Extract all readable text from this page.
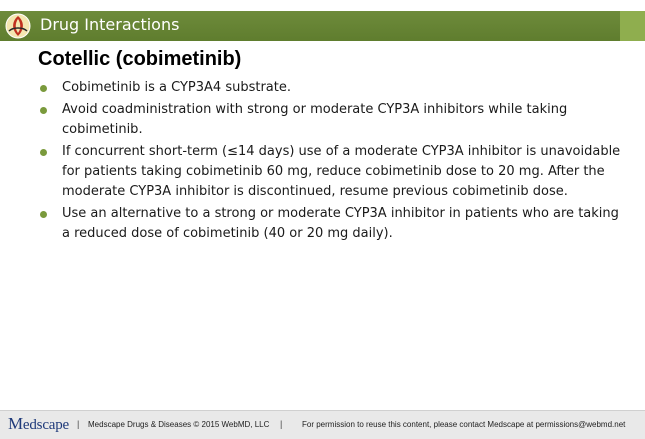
Drug Interactions
Cotellic (cobimetinib)
Cobimetinib is a CYP3A4 substrate.
Avoid coadministration with strong or moderate CYP3A inhibitors while taking cobimetinib.
If concurrent short-term (≤14 days) use of a moderate CYP3A inhibitor is unavoidable for patients taking cobimetinib 60 mg, reduce cobimetinib dose to 20 mg. After the moderate CYP3A inhibitor is discontinued, resume previous cobimetinib dose.
Use an alternative to a strong or moderate CYP3A inhibitor in patients who are taking a reduced dose of cobimetinib (40 or 20 mg daily).
Medscape | Medscape Drugs & Diseases © 2015 WebMD, LLC | For permission to reuse this content, please contact Medscape at permissions@webmd.net
